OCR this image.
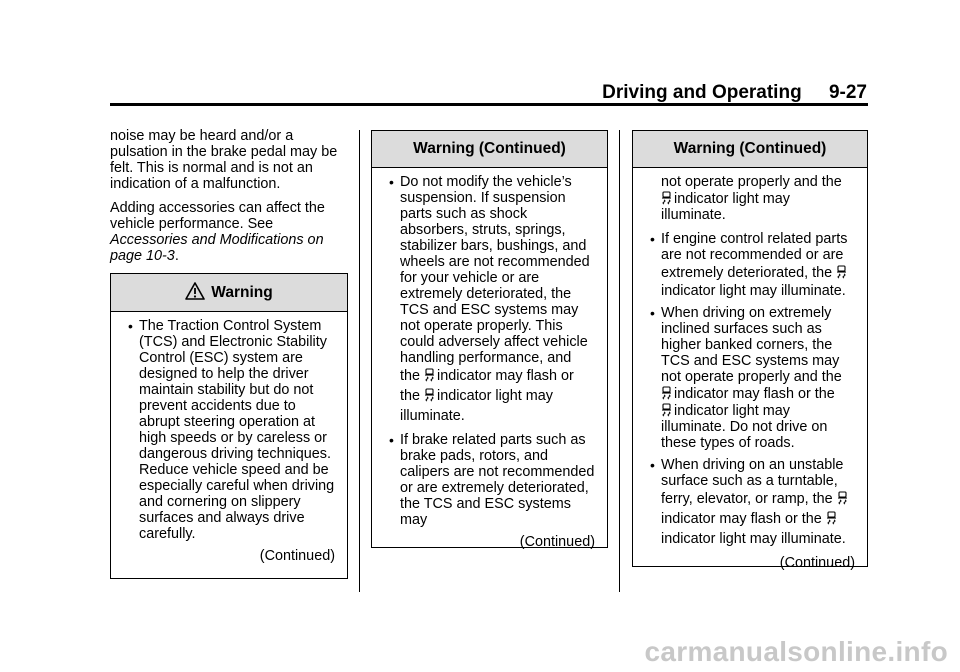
Driving and Operating 9-27

noise may be heard and/or a pulsation in the brake pedal may be felt. This is normal and is not an indication of a malfunction.

Adding accessories can affect the vehicle performance. See Accessories and Modifications on page 10-3.

Warning
• The Traction Control System (TCS) and Electronic Stability Control (ESC) system are designed to help the driver maintain stability but do not prevent accidents due to abrupt steering operation at high speeds or by careless or dangerous driving techniques. Reduce vehicle speed and be especially careful when driving and cornering on slippery surfaces and always drive carefully.
(Continued)
Warning (Continued)
• Do not modify the vehicle’s suspension. If suspension parts such as shock absorbers, struts, springs, stabilizer bars, bushings, and wheels are not recommended for your vehicle or are extremely deteriorated, the TCS and ESC systems may not operate properly. This could adversely affect vehicle handling performance, and
the indicator may flash or
the indicator light may
illuminate.
• If brake related parts such as brake pads, rotors, and calipers are not recommended or are extremely deteriorated, the TCS and ESC systems may
(Continued)
Warning (Continued)
not operate properly and the
indicator light may
illuminate.
• If engine control related parts are not recommended or are
extremely deteriorated, the
indicator light may illuminate.
• When driving on extremely inclined surfaces such as higher banked corners, the TCS and ESC systems may not operate properly and the
indicator may flash or the
indicator light may
illuminate. Do not drive on these types of roads.
• When driving on an unstable surface such as a turntable,
ferry, elevator, or ramp, the
indicator may flash or the
indicator light may illuminate.
(Continued)
carmanualsonline.info
